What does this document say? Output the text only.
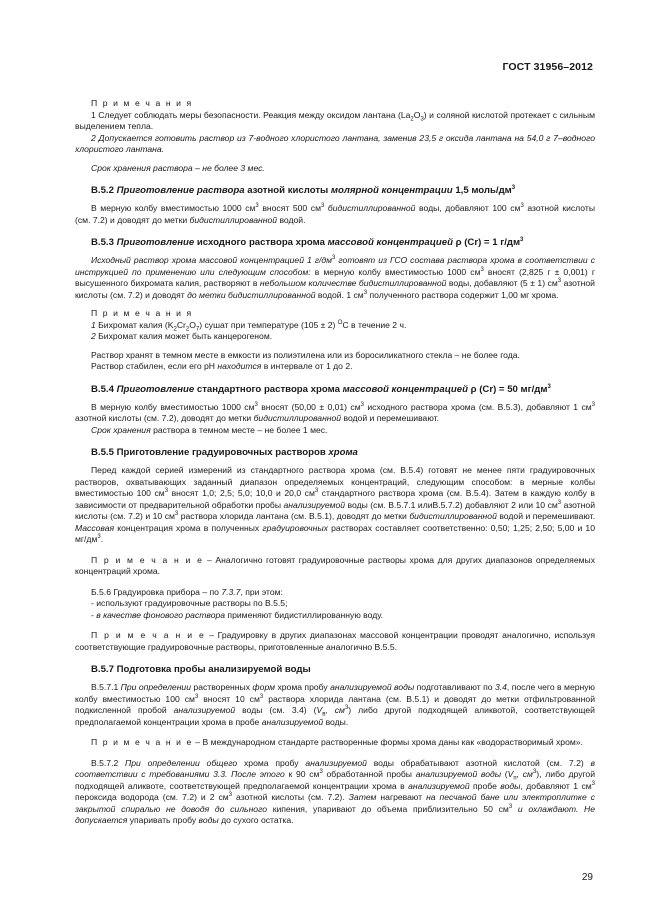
ГОСТ 31956–2012

П р и м е ч а н и я

1 Следует соблюдать меры безопасности. Реакция между оксидом лантана $(La_2O_3)$ и соляной кислотой протекает с сильным выделением тепла.

2 Допускается готовить раствор из 7-водного хлористого лантана, заменив 23,5 г оксида лантана на 54,0 г 7–водного хлористого лантана.

Срок хранения раствора – не более 3 мес.

В.5.2 Приготовление раствора азотной кислоты молярной концентрации 1,5 моль/$дм^3$

В мерную колбу вместимостью 1000 $см^3$ вносят 500 $см^3$ бидистиллированной воды, добавляют 100 $см^3$ азотной кислоты (см. 7.2) и доводят до метки бидистиллированной водой.

В.5.3 Приготовление исходного раствора хрома массовой концентрацией ρ (Cr) = 1 $г/дм^3$

Исходный раствор хрома массовой концентрацией 1 $г/дм^3$ готовят из ГСО состава раствора хрома в соответствии с инструкцией по применению или следующим способом: в мерную колбу вместимостью 1000 $см^3$ вносят (2,825 г ± 0,001) г высушенного бихромата калия, растворяют в небольшом количестве бидистиллированной воды, добавляют (5 ± 1) $см^3$ азотной кислоты (см. 7.2) и доводят до метки бидистиллированной водой. 1 $см^3$ полученного раствора содержит 1,00 мг хрома.

П р и м е ч а н и я

1 Бихромат калия $(K_2Cr_2O_7)$ сушат при температуре (105 ± 2) $^O$C в течение 2 ч.

2 Бихромат калия может быть канцерогеном.

Раствор хранят в темном месте в емкости из полиэтилена или из боросиликатного стекла – не более года.

Раствор стабилен, если его рН находится в интервале от 1 до 2.

В.5.4 Приготовление стандартного раствора хрома массовой концентрацией ρ (Cr) = 50 $мг/дм^3$

В мерную колбу вместимостью 1000 $см^3$ вносят (50,00 ± 0,01) $см^3$ исходного раствора хрома (см. В.5.3), добавляют 1 $см^3$ азотной кислоты (см. 7.2), доводят до метки бидистиллированной водой и перемешивают.

Срок хранения раствора в темном месте – не более 1 мес.

В.5.5 Приготовление градуировочных растворов хрома

Перед каждой серией измерений из стандартного раствора хрома (см. В.5.4) готовят не менее пяти градуировочных растворов, охватывающих заданный диапазон определяемых концентраций, следующим способом: в мерные колбы вместимостью 100 $см^3$ вносят 1,0; 2,5; 5,0; 10,0 и 20,0 $см^3$ стандартного раствора хрома (см. В.5.4). Затем в каждую колбу в зависимости от предварительной обработки пробы анализируемой воды (см. В.5.7.1 илиВ.5.7.2) добавляют 2 или 10 $см^3$ азотной кислоты (см. 7.2) и 10 $см^3$ раствора хлорида лантана (см. В.5.1), доводят до метки бидистиллированной водой и перемешивают. Массовая концентрация хрома в полученных градуировочных растворах составляет соответственно: 0,50; 1,25; 2,50; 5,00 и 10 $мг/дм^3$.

П р и м е ч а н и е – Аналогично готовят градуировочные растворы хрома для других диапазонов определяемых концентраций хрома.

Б.5.6 Градуировка прибора – по 7.3.7, при этом:

- используют градуировочные растворы по В.5.5;

- в качестве фонового раствора применяют бидистиллированную воду.

П р и м е ч а н и е – Градуировку в других диапазонах массовой концентрации проводят аналогично, используя соответствующие градуировочные растворы, приготовленные аналогично В.5.5.

В.5.7 Подготовка пробы анализируемой воды

В.5.7.1 При определении растворенных форм хрома пробу анализируемой воды подготавливают по 3.4, после чего в мерную колбу вместимостью 100 $см^3$ вносят 10 $см^3$ раствора хлорида лантана (см. В.5.1) и доводят до метки отфильтрованной подкисленной пробой анализируемой воды (см. 3.4) ($V_в$, $см^3$) либо другой подходящей аликвотой, соответствующей предполагаемой концентрации хрома в пробе анализируемой воды.

П р и м е ч а н и е – В международном стандарте растворенные формы хрома даны как «водорастворимый хром».

В.5.7.2 При определении общего хрома пробу анализируемой воды обрабатывают азотной кислотой (см. 7.2) в соответствии с требованиями 3.3. После этого к 90 $см^3$ обработанной пробы анализируемой воды ($V_п$, $см^3$), либо другой подходящей аликвоте, соответствующей предполагаемой концентрации хрома в анализируемой пробе воды, добавляют 1 $см^3$ пероксида водорода (см. 7.2) и 2 $см^3$ азотной кислоты (см. 7.2). Затем нагревают на песчаной бане или электроплитке с закрытой спиралью не доводя до сильного кипения, упаривают до объема приблизительно 50 $см^3$ и охлаждают. Не допускается упаривать пробу воды до сухого остатка.

29
